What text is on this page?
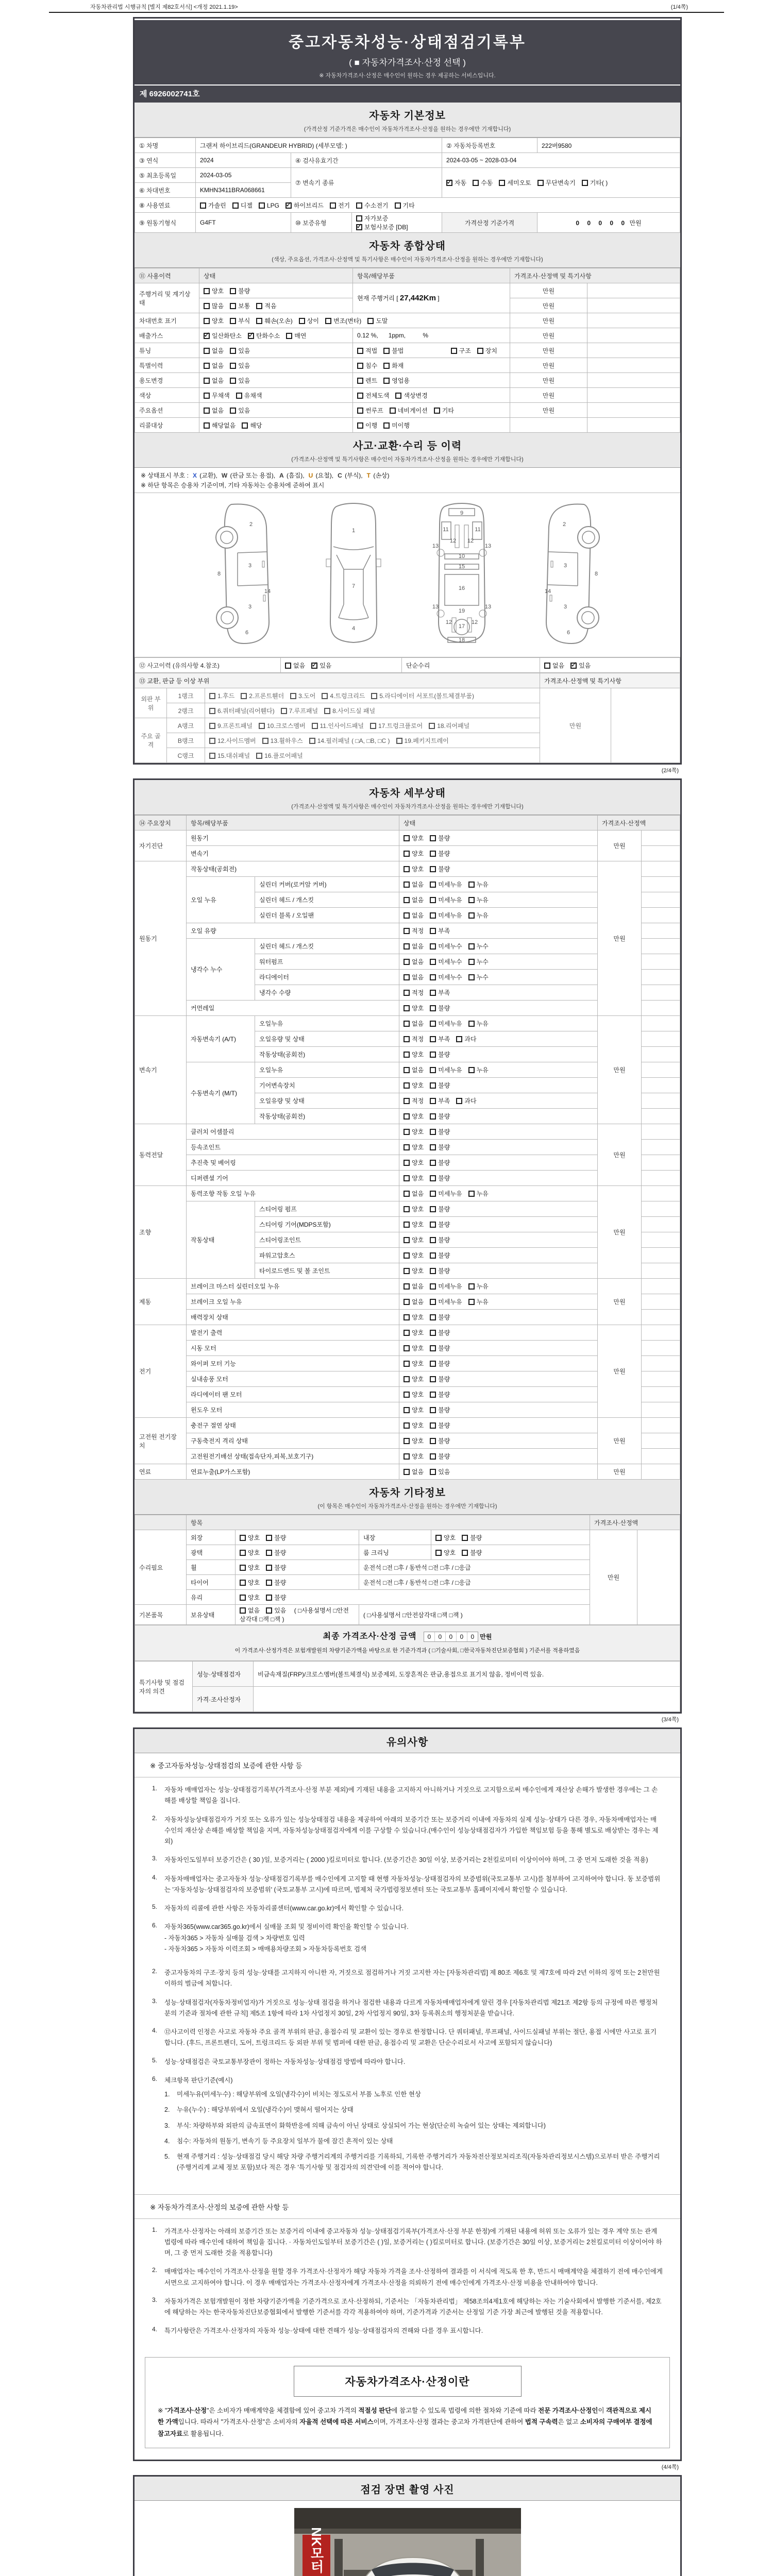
자동차관리법 시행규칙 [별지 제82호서식] <개정 2021.1.19>	(1/4쪽)
중고자동차성능·상태점검기록부
( ■ 자동차가격조사·산정 선택 )
※ 자동차가격조사·산정은 매수인이 원하는 경우 제공하는 서비스입니다.
제 6926002741호
자동차 기본정보
(가격산정 기준가격은 매수인이 자동차가격조사·산정을 원하는 경우에만 기재합니다)
① 차명	그랜저 하이브리드(GRANDEUR HYBRID) (세부모델: )			② 자동차등록번호	222버9580
③ 연식	2024	④ 검사유효기간		2024-03-05 ~ 2028-03-04	
⑤ 최초등록일	2024-03-05	⑦ 변속기 종류	✓자동 수동 세미오토 무단변속기 기타( )
⑥ 차대번호	KMHN3411BRA068661				
⑧ 사용연료	가솔린 디젤 LPG ✓ 하이브리드 전기 수소전기 기타
⑨ 원동기형식	G4FT	⑩ 보증유형	자가보증✓보험사보증 [DB]	가격산정 기준가격	0 0 0 0 0 만원
자동차 종합상태
(색상, 주요옵션, 가격조사·산정액 및 특기사항은 매수인이 자동차가격조사·산정을 원하는 경우에만 기재합니다)
⑪ 사용이력	상태	항목/해당부품	가격조사·산정액 및 특기사항	
주행거리 및 계기상태	양호 불량	현재 주행거리 [ 27,442Km ]	만원	
	많음 보통 적음		만원	
차대번호 표기	양호 부식 훼손(오손) 상이 변조(변타) 도말		만원	
배출가스	✓일산화탄소 ✓ 탄화수소 매연	0.12 %,      1ppm,          %	만원	
튜닝	없음 있음	적법 불법 구조 장치	만원	
특별이력	없음 있음	침수 화재	만원	
용도변경	없음 있음	렌트 영업용	만원	
색상	무채색 유채색	전체도색 색상변경	만원	
주요옵션	없음 있음	썬루프 네비게이션 기타	만원	
리콜대상	해당없음 해당	이행 미이행		
사고·교환·수리 등 이력
(가격조사·산정액 및 특기사항은 매수인이 자동차가격조사·산정을 원하는 경우에만 기재합니다)
※ 상태표시 부호 : X (교환), W (판금 또는 용접), A (흠집), U (요철), C (부식), T (손상)
※ 하단 항목은 승용차 기준이며, 기타 자동차는 승용차에 준하여 표시
2
8
3
14
3
6
1
7
4
9
11	11
13	13
12 12
10
15
16
19
13	13
12	12
17
18
2
8
3
14
3
6
⑫ 사고이력 (유의사항 4.참조)	없음 ✓ 있음	단순수리	없음 ✓ 있음
⑬ 교환, 판금 등 이상 부위			가격조사·산정액 및 특기사항	
외판 부위	1랭크	1.후드 2.프론트휀더 3.도어 4.트렁크리드 5.라디에이터 서포트(볼트체결부품)	만원	
	2랭크	6.쿼터패널(리어휀다) 7.루프패널 8.사이드실 패널		
주요 골격	A랭크	9.프론트패널 10.크로스멤버 11.인사이드패널 17.트렁크플로어 18.리어패널		
	B랭크	12.사이드멤버 13.휠하우스 14.필러패널 ( □A, □B, □C ) 19.페키지트레이		
	C랭크	15.대쉬패널 16.플로어패널		
(2/4쪽)
자동차 세부상태
(가격조사·산정액 및 특기사항은 매수인이 자동차가격조사·산정을 원하는 경우에만 기재합니다)
⑭ 주요장치	항목/해당부품		상태	가격조사·산정액	
자기진단	원동기		양호 불량	만원	
	변속기		양호 불량		
원동기	작동상태(공회전)		양호 불량	만원	
	오일 누유	실린더 커버(로커암 커버)	없음 미세누유 누유		
		실린더 헤드 / 개스킷	없음 미세누유 누유		
		실린더 블록 / 오일팬	없음 미세누유 누유		
	오일 유량		적정 부족		
	냉각수 누수	실린더 헤드 / 개스킷	없음 미세누수 누수		
		워터펌프	없음 미세누수 누수		
		라디에이터	없음 미세누수 누수		
		냉각수 수량	적정 부족		
	커먼레일		양호 불량		
변속기	자동변속기 (A/T)	오일누유	없음 미세누유 누유	만원	
		오일유량 및 상태	적정 부족 과다		
		작동상태(공회전)	양호 불량		
	수동변속기 (M/T)	오일누유	없음 미세누유 누유		
		기어변속장치	양호 불량		
		오일유량 및 상태	적정 부족 과다		
		작동상태(공회전)	양호 불량		
동력전달	클러치 어셈블리		양호 불량	만원	
	등속조인트		양호 불량		
	추진축 및 베어링		양호 불량		
	디퍼렌셜 기어		양호 불량		
조향	동력조향 작동 오일 누유		없음 미세누유 누유	만원	
	작동상태	스티어링 펌프	양호 불량		
		스티어링 기어(MDPS포함)	양호 불량		
		스티어링조인트	양호 불량		
		파워고압호스	양호 불량		
		타이로드엔드 및 볼 조인트	양호 불량		
제동	브레이크 마스터 실린더오일 누유		없음 미세누유 누유	만원	
	브레이크 오일 누유		없음 미세누유 누유		
	배력장치 상태		양호 불량		
전기	발전기 출력		양호 불량	만원	
	시동 모터		양호 불량		
	와이퍼 모터 기능		양호 불량		
	실내송풍 모터		양호 불량		
	라디에이터 팬 모터		양호 불량		
	윈도우 모터		양호 불량		
고전원 전기장치	충전구 절연 상태		양호 불량	만원	
	구동축전지 격리 상태		양호 불량		
	고전원전기배선 상태(접속단자,피복,보호기구)		양호 불량		
연료	연료누출(LP가스포함)		없음 있음	만원	
자동차 기타정보
(이 항목은 매수인이 자동차가격조사·산정을 원하는 경우에만 기재합니다)
	항목				가격조사·산정액	
수리필요	외장	양호 불량	내장	양호 불량	만원	
	광택	양호 불량	룸 크리닝	양호 불량		
	휠	양호 불량	운전석 □전 □후 / 동반석 □전 □후 / □응급			
	타이어	양호 불량	운전석 □전 □후 / 동반석 □전 □후 / □응급			
	유리	양호 불량				
기본품목	보유상태	없음 있음 ( □사용설명서 □안전삼각대 □잭 □잭 )	( □사용설명서 □안전삼각대 □잭 □잭 )			
최종 가격조사·산정 금액	0	0	0	0	0 만원
이 가격조사·산정가격은 보험개발원의 차량기준가액을 바탕으로 한 기준가격과 ( □기술사회, □한국자동차진단보증협회 ) 기준서를 적용하였음
특기사항 및 점검자의 의견	성능·상태점검자	비금속재질(FRP)/크로스멤버(볼트체결식) 보증제외, 도장흔적은 판금,용접으로 표기치 않음, 정비이력 있음.
	가격·조사산정자	
(3/4쪽)
유의사항
※ 중고자동차성능·상태점검의 보증에 관한 사항 등
1.	자동차 매매업자는 성능·상태점검기록부(가격조사·산정 부분 제외)에 기재된 내용을 고지하지 아니하거나 거짓으로 고지함으로써 매수인에게 재산상 손해가 발생한 경우에는 그 손해를 배상할 책임을 집니다.
2.	자동차성능상태점검자가 거짓 또는 오류가 있는 성능상태점검 내용을 제공하여 아래의 보증기간 또는 보증거리 이내에 자동차의 실제 성능·상태가 다른 경우, 자동차매매업자는 매수인의 재산상 손해를 배상할 책임을 지며, 자동차성능상태점검자에게 이를 구상할 수 있습니다.(매수인이 성능상태점검자가 가입한 책임보험 등을 통해 별도로 배상받는 경우는 제외)
3.	자동차인도일부터 보증기간은 ( 30 )일, 보증거리는 ( 2000 )킬로미터로 합니다. (보증기간은 30일 이상, 보증거리는 2천킬로미터 이상이어야 하며, 그 중 먼저 도래한 것을 적용)
4.	자동차매매업자는 중고자동차 성능·상태점검기록부를 매수인에게 고지할 때 현행 자동차성능·상태점검자의 보증범위(국토교통부 고시)를 첨부하여 고지하여야 합니다. 동 보증범위는 '자동차성능·상태점검자의 보증범위' (국토교통부 고시)에 따르며, 법제처 국가법령정보센터 또는 국토교통부 홈페이지에서 확인할 수 있습니다.
5.	자동차의 리콜에 관한 사항은 자동차리콜센터(www.car.go.kr)에서 확인할 수 있습니다.
6.	자동차365(www.car365.go.kr)에서 실매물 조회 및 정비이력 확인을 확인할 수 있습니다.
- 자동차365 > 자동차 실매물 검색 > 차량번호 입력
- 자동차365 > 자동차 이력조회 > 매매용차량조회 > 자동차등록번호 검색
2.	중고자동차의 구조·장치 등의 성능·상태를 고지하지 아니한 자, 거짓으로 점검하거나 거짓 고지한 자는 [자동차관리법] 제 80조 제6호 및 제7호에 따라 2년 이하의 징역 또는 2천만원 이하의 벌금에 처합니다.
3.	성능·상태점검자(자동차정비업자)가 거짓으로 성능·상태 점검을 하거나 점검한 내용과 다르게 자동차매매업자에게 알린 경우 [자동차관리법 제21조 제2항 등의 규정에 따른 행정처분의 기준과 절차에 관한 규칙] 제5조 1항에 따라 1차 사업정지 30일, 2차 사업정지 90일, 3차 등록취소의 행정처분을 받습니다.
4.	⑫사고이력 인정은 사고로 자동차 주요 골격 부위의 판금, 용접수리 및 교환이 있는 경우로 한정합니다. 단 쿼터패널, 루프패널, 사이드실패널 부위는 절단, 용접 시에만 사고로 표기합니다. (후드, 프론트펜더, 도어, 트렁크리드 등 외판 부위 및 범퍼에 대한 판금, 용접수리 및 교환은 단순수리로서 사고에 포함되지 않습니다)
5.	성능·상태점검은 국토교통부장관이 정하는 자동차성능·상태점검 방법에 따라야 합니다.
6.	체크항목 판단기준(예시)
1.	미세누유(미세누수) : 해당부위에 오일(냉각수)이 비치는 정도로서 부품 노후로 인한 현상
2.	누유(누수) : 해당부위에서 오일(냉각수)이 맺혀서 떨어지는 상태
3.	부식: 차량하부와 외판의 금속표면이 화학반응에 의해 금속이 아닌 상태로 상실되어 가는 현상(단순히 녹슬어 있는 상태는 제외합니다)
4.	침수: 자동차의 원동기, 변속기 등 주요장치 일부가 물에 잠긴 흔적이 있는 상태
5.	현재 주행거리 : 성능·상태점검 당시 해당 차량 주행거리계의 주행거리를 기록하되, 기록한 주행거리가 자동차전산정보처리조직(자동차관리정보시스템)으로부터 받은 주행거리(주행거리계 교체 정보 포함)보다 적은 경우 '특기사항 및 점검자의 의견'란에 이를 적어야 합니다.
※ 자동차가격조사·산정의 보증에 관한 사항 등
1.	가격조사·산정자는 아래의 보증기간 또는 보증거리 이내에 중고자동차 성능·상태점검기록부(가격조사·산정 부분 한정)에 기재된 내용에 허위 또는 오류가 있는 경우 계약 또는 관계법령에 따라 매수인에 대하여 책임을 집니다. · 자동차인도일부터 보증기간은 ( )일, 보증거리는 ( )킬로미터로 합니다. (보증기간은 30일 이상, 보증거리는 2천킬로미터 이상이어야 하며, 그 중 먼저 도래한 것을 적용합니다)
2.	매매업자는 매수인이 가격조사·산정을 원할 경우 가격조사·산정자가 해당 자동차 가격을 조사·산정하여 결과를 이 서식에 적도록 한 후, 반드시 매매계약을 체결하기 전에 매수인에게 서면으로 고지하여야 합니다. 이 경우 매매업자는 가격조사·산정자에게 가격조사·산정을 의뢰하기 전에 매수인에게 가격조사·산정 비용을 안내하여야 합니다.
3.	자동차가격은 보험개발원이 정한 차량기준가액을 기준가격으로 조사·산정하되, 기준서는 「자동차관리법」 제58조의4제1호에 해당하는 자는 기술사회에서 발행한 기준서를, 제2호에 해당하는 자는 한국자동차진단보증협회에서 발행한 기준서를 각각 적용하여야 하며, 기준가격과 기준서는 산정일 기준 가장 최근에 발행된 것을 적용합니다.
4.	특기사항란은 가격조사·산정자의 자동차 성능·상태에 대한 견해가 성능·상태점검자의 견해와 다를 경우 표시합니다.
자동차가격조사·산정이란
※ "가격조사·산정"은 소비자가 매매계약을 체결함에 있어 중고차 가격의 적절성 판단에 참고할 수 있도록 법령에 의한 절차와 기준에 따라 전문 가격조사·산정인이 객관적으로 제시한 가액입니다. 따라서 "가격조사·산정"은 소비자의 자율적 선택에 따른 서비스이며, 가격조사·산정 결과는 중고차 가격판단에 관하여 법적 구속력은 없고 소비자의 구매여부 결정에 참고자료로 활용됩니다.
(4/4쪽)
점검 장면 촬영 사진
NK모터
